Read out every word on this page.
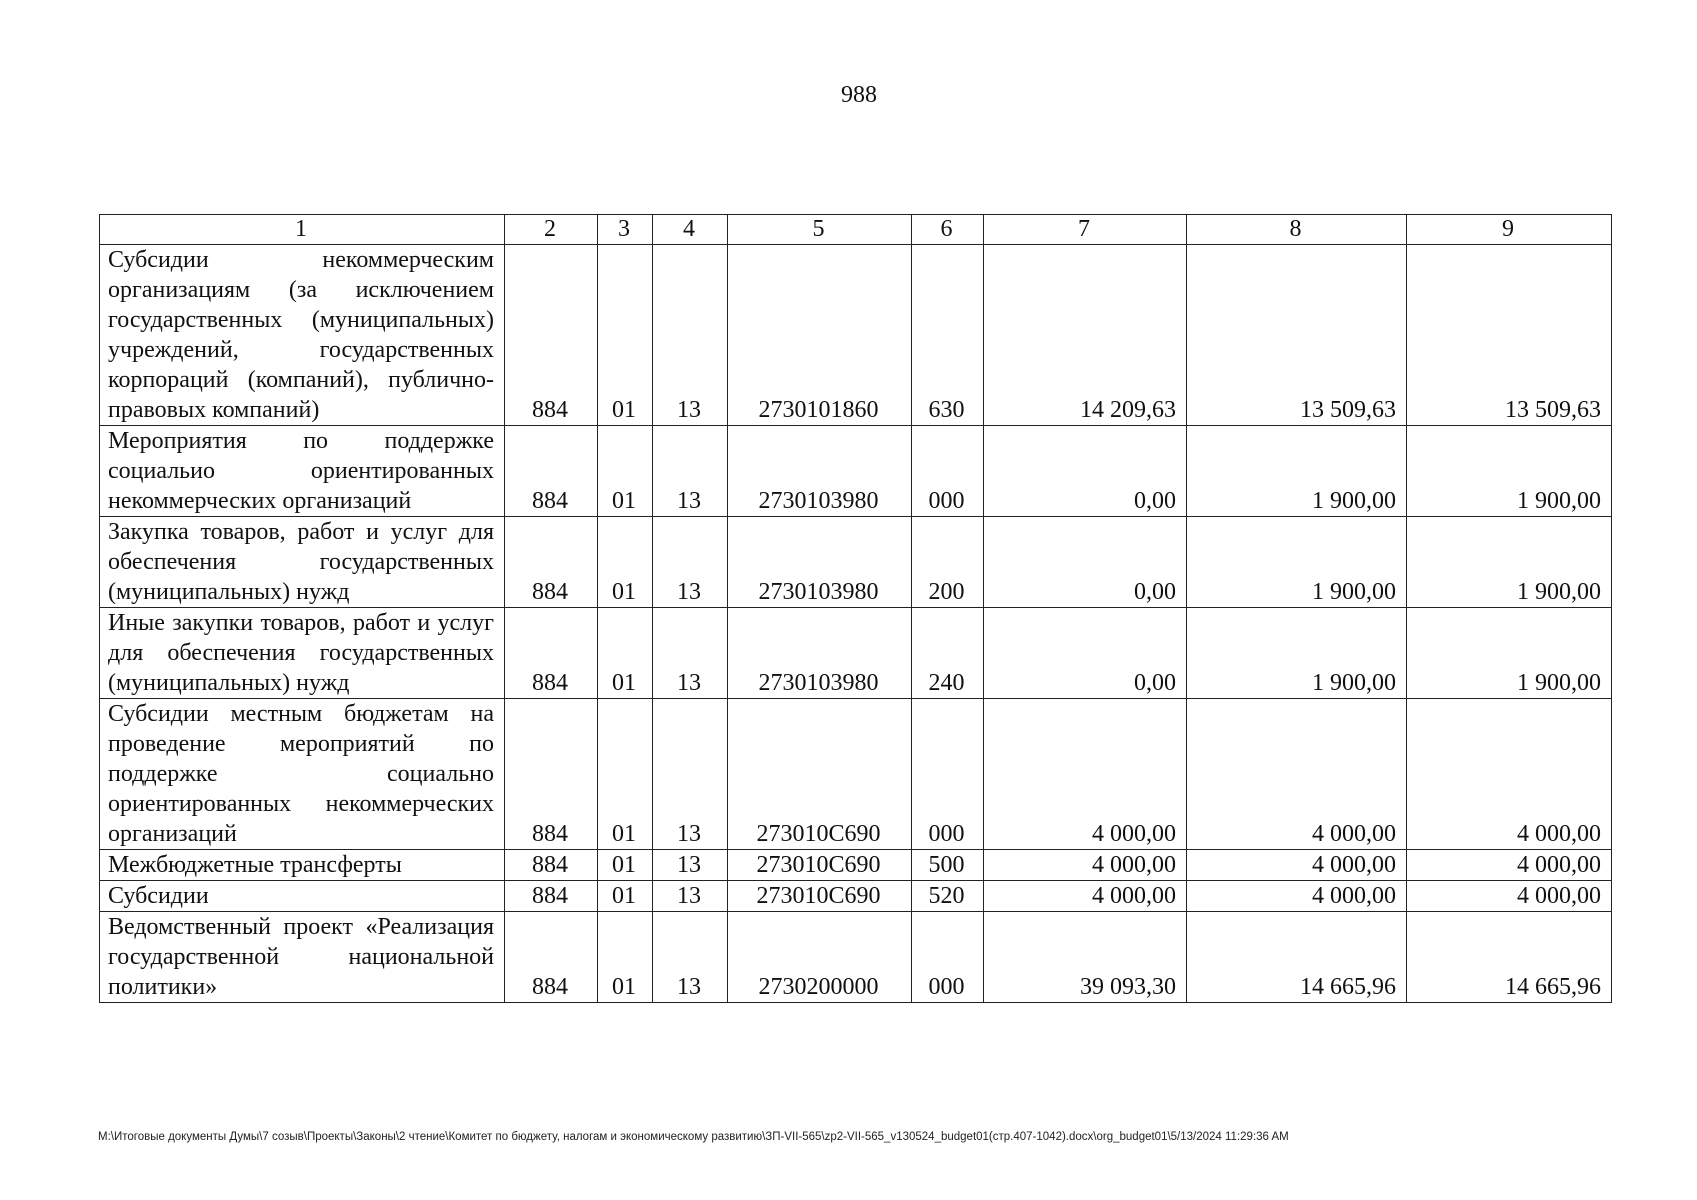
988
1	2	3	4	5	6	7	8	9
Субсидии некоммерческим организациям (за исключением государственных (муниципальных) учреждений, государственных корпораций (компаний), публично-правовых компаний)	884	01	13	2730101860	630	14 209,63	13 509,63	13 509,63
Мероприятия по поддержке социальио ориентированных некоммерческих организаций	884	01	13	2730103980	000	0,00	1 900,00	1 900,00
Закупка товаров, работ и услуг для обеспечения государственных (муниципальных) нужд	884	01	13	2730103980	200	0,00	1 900,00	1 900,00
Иные закупки товаров, работ и услуг для обеспечения государственных (муниципальных) нужд	884	01	13	2730103980	240	0,00	1 900,00	1 900,00
Субсидии местным бюджетам на проведение мероприятий по поддержке социально ориентированных некоммерческих организаций	884	01	13	273010С690	000	4 000,00	4 000,00	4 000,00
Межбюджетные трансферты	884	01	13	273010С690	500	4 000,00	4 000,00	4 000,00
Субсидии	884	01	13	273010С690	520	4 000,00	4 000,00	4 000,00
Ведомственный проект «Реализация государственной национальной политики»	884	01	13	2730200000	000	39 093,30	14 665,96	14 665,96
M:\Итоговые документы Думы\7 созыв\Проекты\Законы\2 чтение\Комитет по бюджету, налогам и экономическому развитию\ЗП-VII-565\zp2-VII-565_v130524_budget01(стр.407-1042).docx\org_budget01\5/13/2024 11:29:36 AM
